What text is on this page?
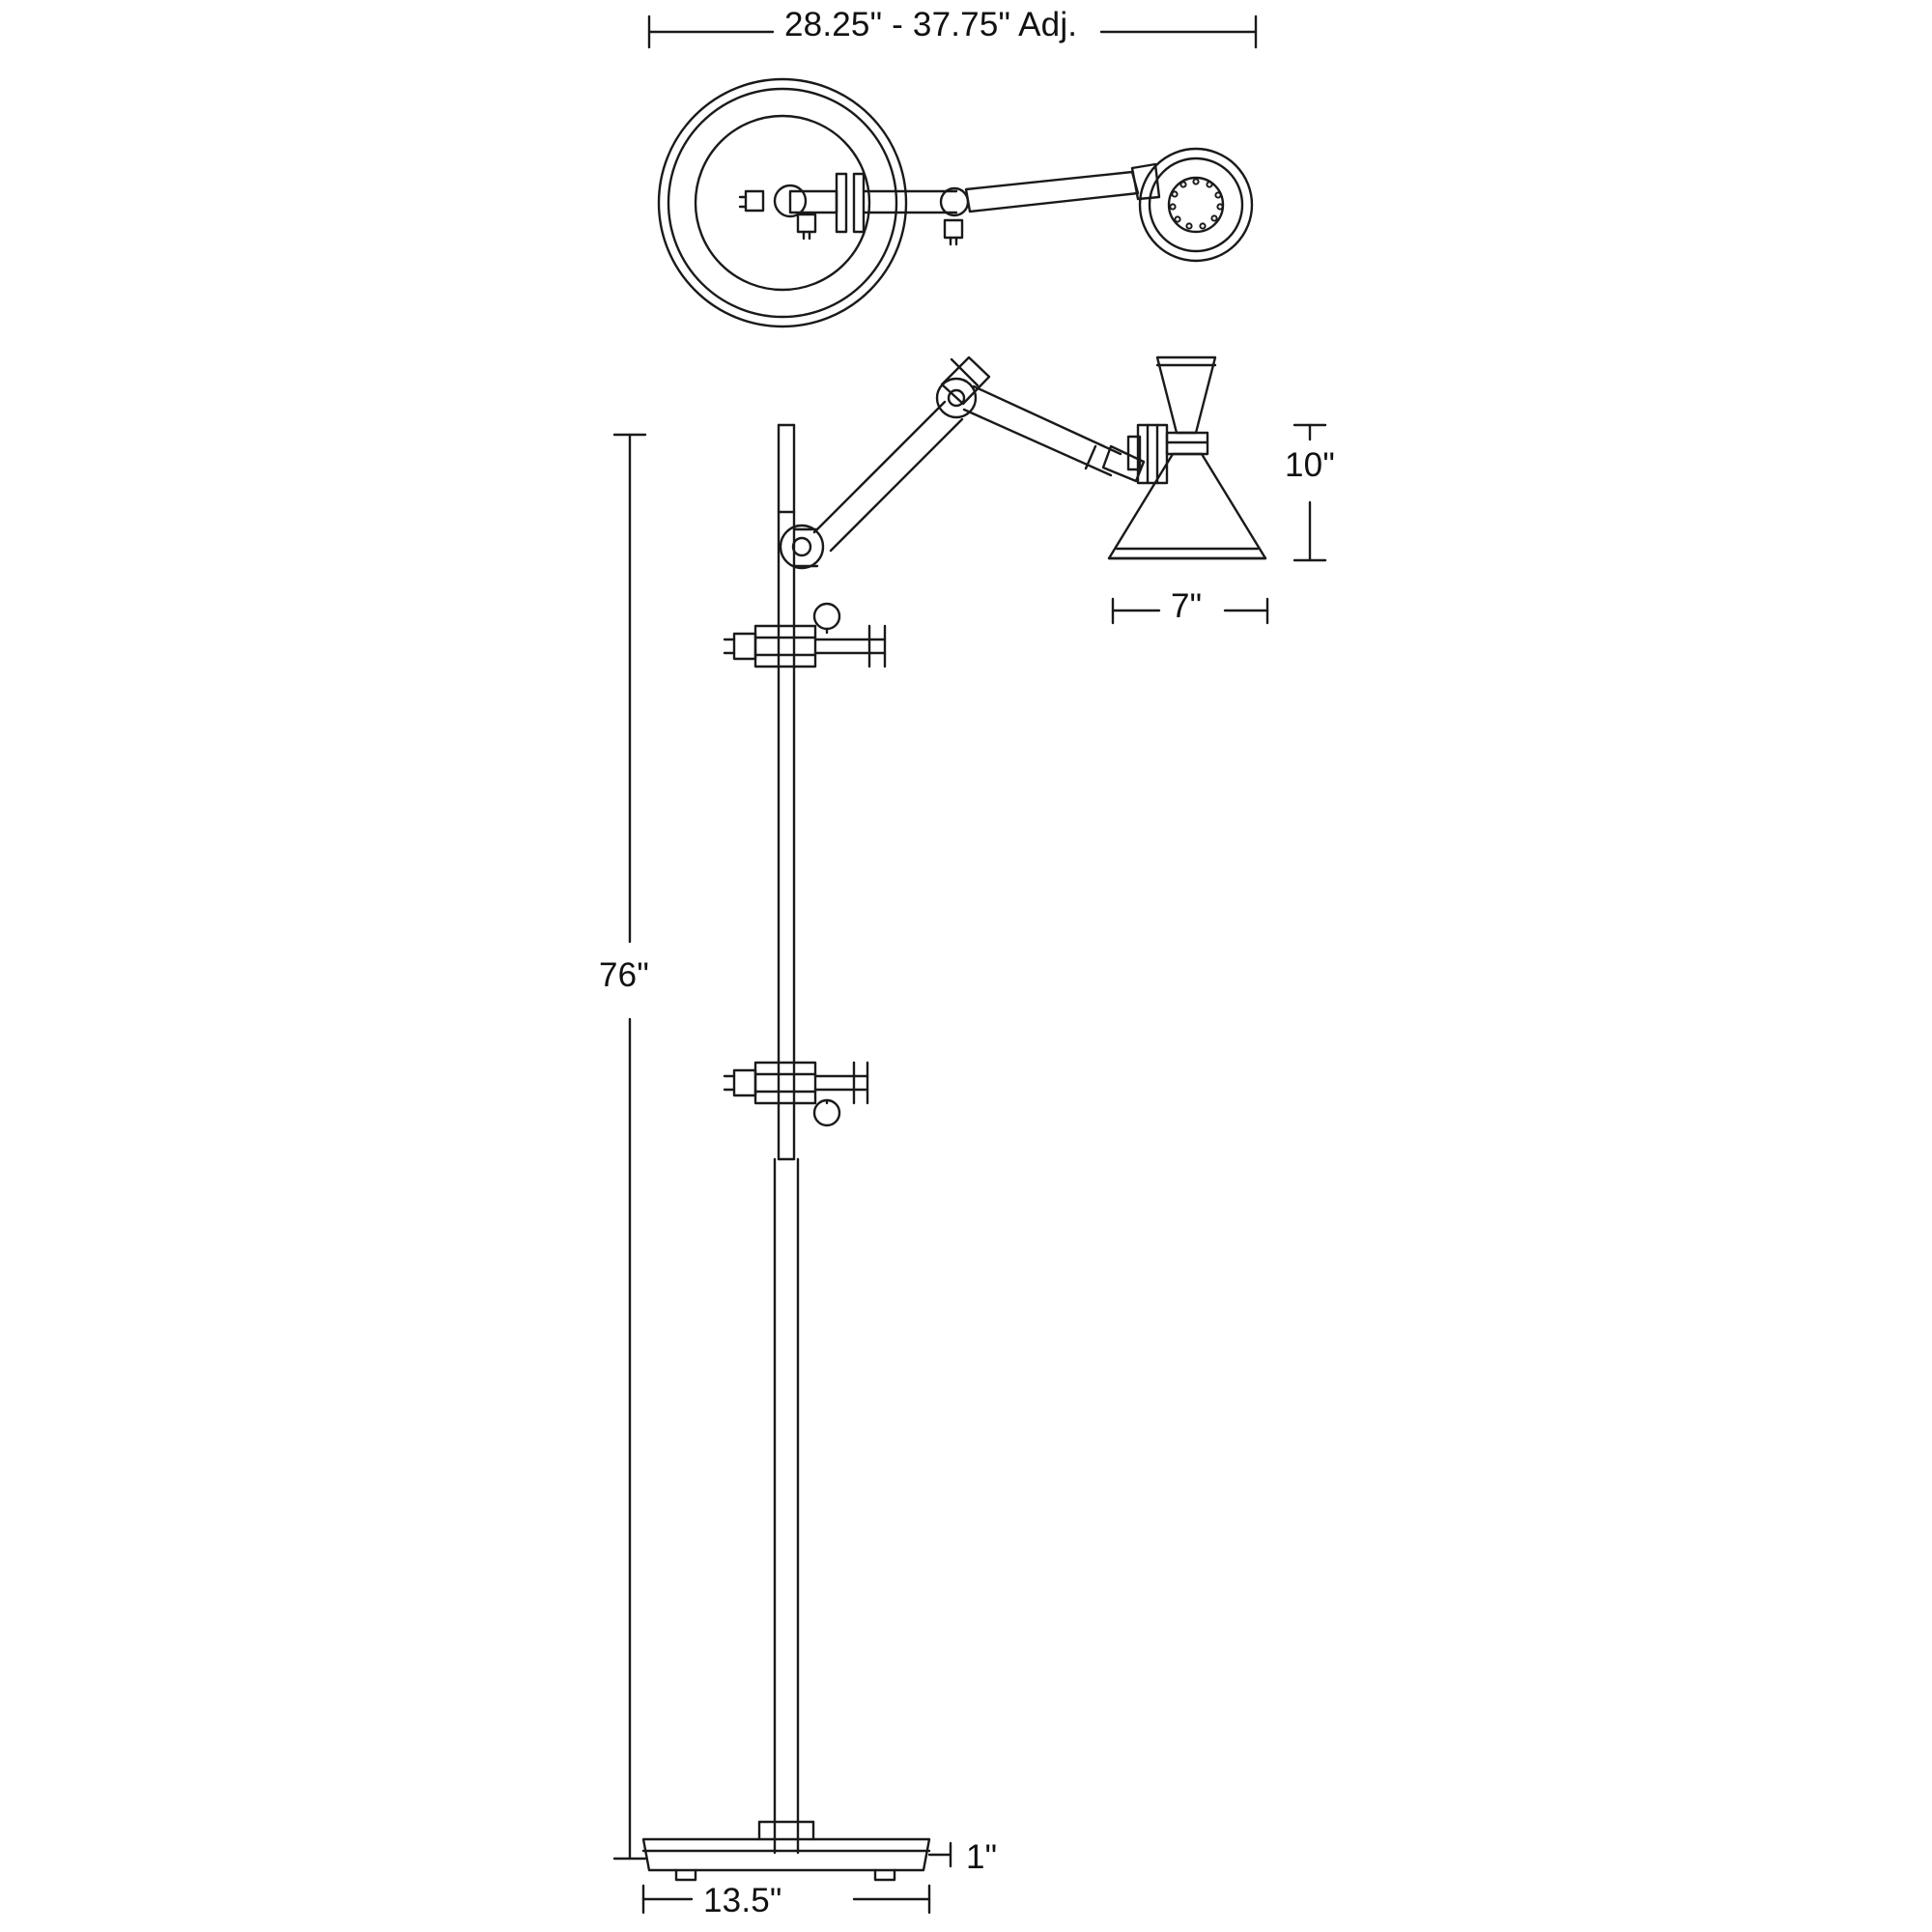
28.25" - 37.75" Adj.
76"
10"
7"
1"
13.5"
